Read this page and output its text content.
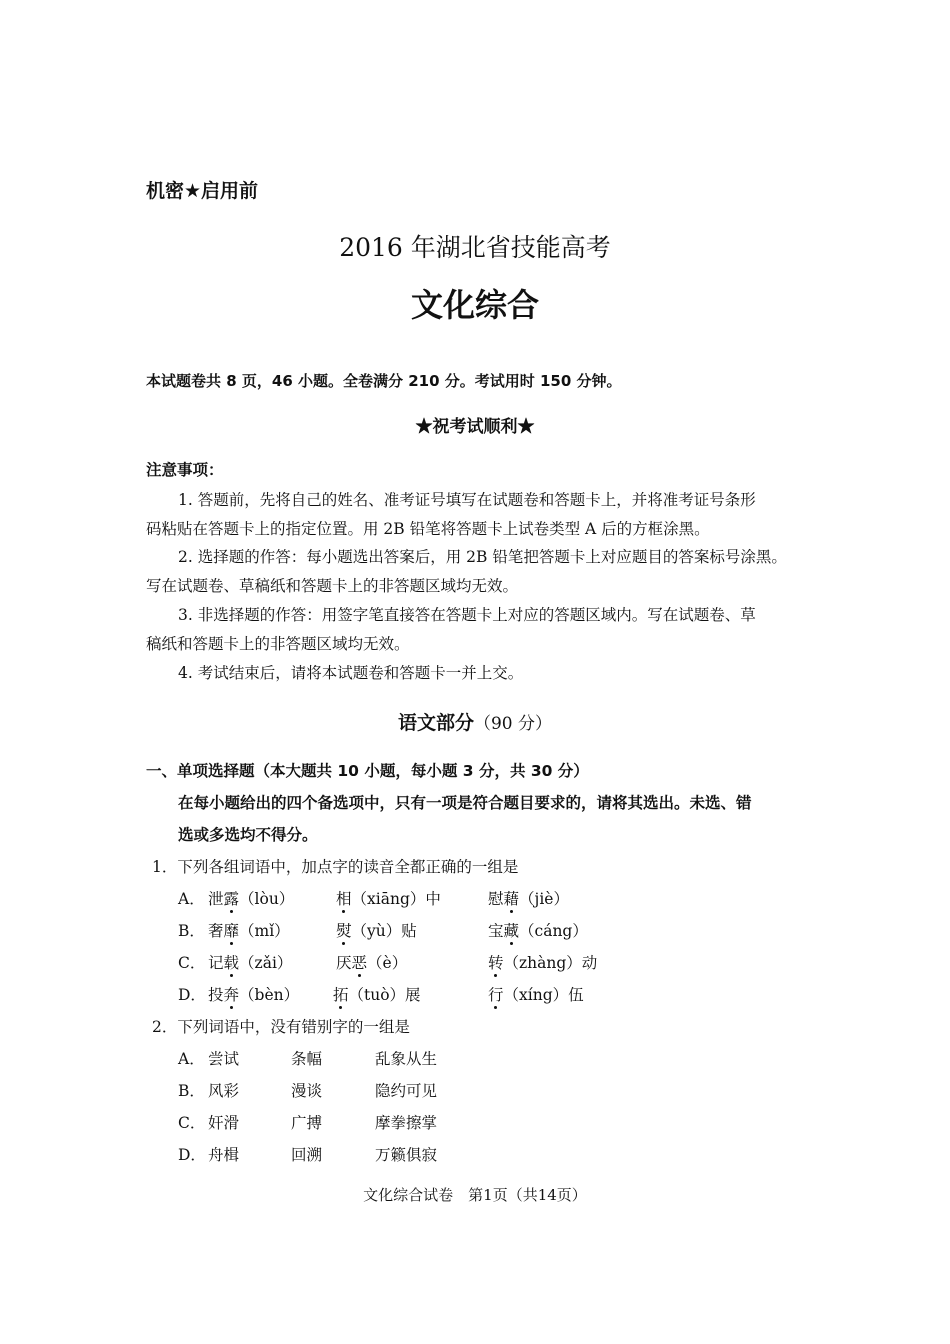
机密★启用前
2016 年湖北省技能高考
文化综合
本试题卷共 8 页，46 小题。全卷满分 210 分。考试用时 150 分钟。
★祝考试顺利★
注意事项：
1. 答题前，先将自己的姓名、准考证号填写在试题卷和答题卡上，并将准考证号条形
码粘贴在答题卡上的指定位置。用 2B 铅笔将答题卡上试卷类型 A 后的方框涂黑。
2. 选择题的作答：每小题选出答案后，用 2B 铅笔把答题卡上对应题目的答案标号涂黑。
写在试题卷、草稿纸和答题卡上的非答题区域均无效。
3. 非选择题的作答：用签字笔直接答在答题卡上对应的答题区域内。写在试题卷、草
稿纸和答题卡上的非答题区域均无效。
4. 考试结束后，请将本试题卷和答题卡一并上交。
语文部分（90 分）
一、单项选择题（本大题共 10 小题，每小题 3 分，共 30 分）
在每小题给出的四个备选项中，只有一项是符合题目要求的，请将其选出。未选、错
选或多选均不得分。
1．下列各组词语中，加点字的读音全都正确的一组是
A． 泄露（lòu）	相（xiāng）中	慰藉（jiè）
B． 奢靡（mǐ）	熨（yù）贴	宝藏（cáng）
C． 记载（zǎi）	厌恶（è）	转（zhàng）动
D． 投奔（bèn） 拓（tuò）展	行（xíng）伍
2．下列词语中，没有错别字的一组是
A． 尝试	条幅	乱象从生
B． 风彩	漫谈	隐约可见
C． 奸滑	广搏	摩拳擦掌
D． 舟楫	回溯	万籁俱寂
文化综合试卷　第1页（共14页）
